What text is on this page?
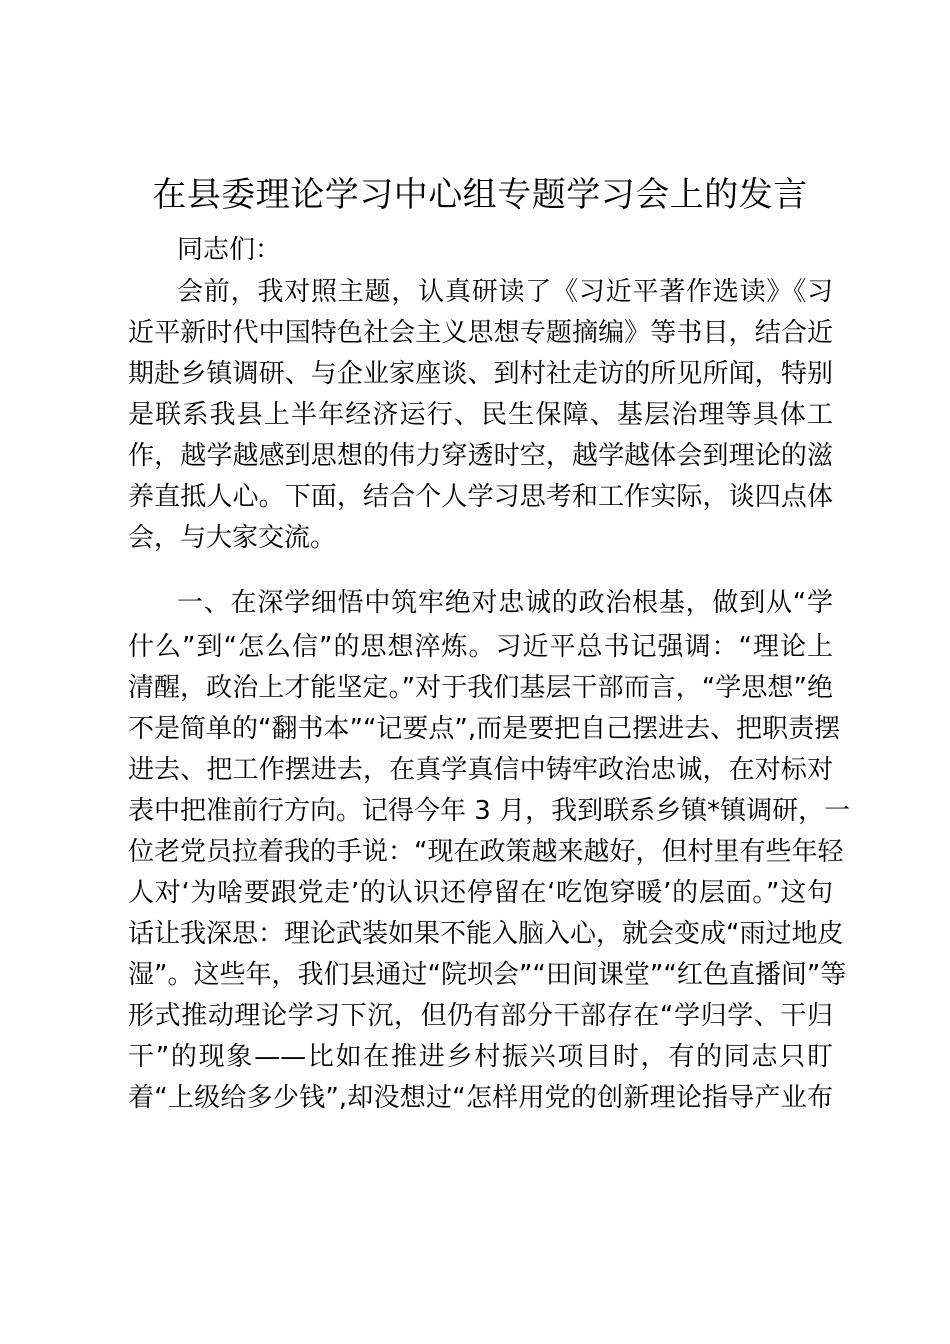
在县委理论学习中心组专题学习会上的发言
同志们：
会前，我对照主题，认真研读了《习近平著作选读》《习
近平新时代中国特色社会主义思想专题摘编》等书目，结合近
期赴乡镇调研、与企业家座谈、到村社走访的所见所闻，特别
是联系我县上半年经济运行、民生保障、基层治理等具体工
作，越学越感到思想的伟力穿透时空，越学越体会到理论的滋
养直抵人心。下面，结合个人学习思考和工作实际，谈四点体
会，与大家交流。
一、在深学细悟中筑牢绝对忠诚的政治根基，做到从“学
什么”到“怎么信”的思想淬炼。习近平总书记强调：“理论上
清醒，政治上才能坚定。”对于我们基层干部而言，“学思想”绝
不是简单的“翻书本”“记要点”,而是要把自己摆进去、把职责摆
进去、把工作摆进去，在真学真信中铸牢政治忠诚，在对标对
表中把准前行方向。记得今年 3 月，我到联系乡镇*镇调研，一
位老党员拉着我的手说：“现在政策越来越好，但村里有些年轻
人对‘为啥要跟党走’的认识还停留在‘吃饱穿暖’的层面。”这句
话让我深思：理论武装如果不能入脑入心，就会变成“雨过地皮
湿”。这些年，我们县通过“院坝会”“田间课堂”“红色直播间”等
形式推动理论学习下沉，但仍有部分干部存在“学归学、干归
干”的现象——比如在推进乡村振兴项目时，有的同志只盯
着“上级给多少钱”,却没想过“怎样用党的创新理论指导产业布
